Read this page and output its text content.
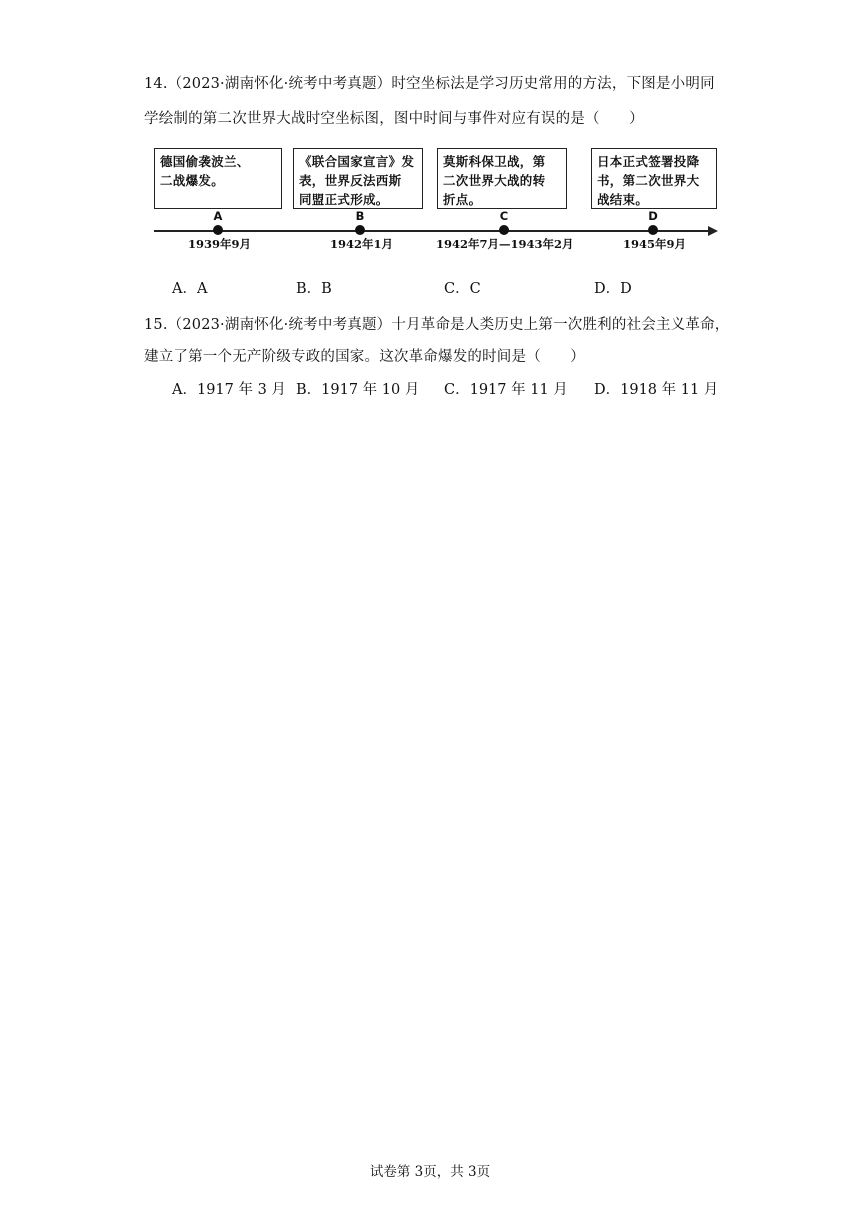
14.（2023·湖南怀化·统考中考真题）时空坐标法是学习历史常用的方法，下图是小明同
学绘制的第二次世界大战时空坐标图，图中时间与事件对应有误的是（　　）
德国偷袭波兰、
二战爆发。
《联合国家宣言》发
表，世界反法西斯
同盟正式形成。
莫斯科保卫战，第
二次世界大战的转
折点。
日本正式签署投降
书，第二次世界大
战结束。
A	B	C	D
1939年9月	1942年1月	1942年7月—1943年2月	1945年9月
A．A	B．B	C．C	D．D
15.（2023·湖南怀化·统考中考真题）十月革命是人类历史上第一次胜利的社会主义革命，
建立了第一个无产阶级专政的国家。这次革命爆发的时间是（　　）
A．1917 年 3 月 B．1917 年 10 月 C．1917 年 11 月 D．1918 年 11 月
试卷第 3页，共 3页
